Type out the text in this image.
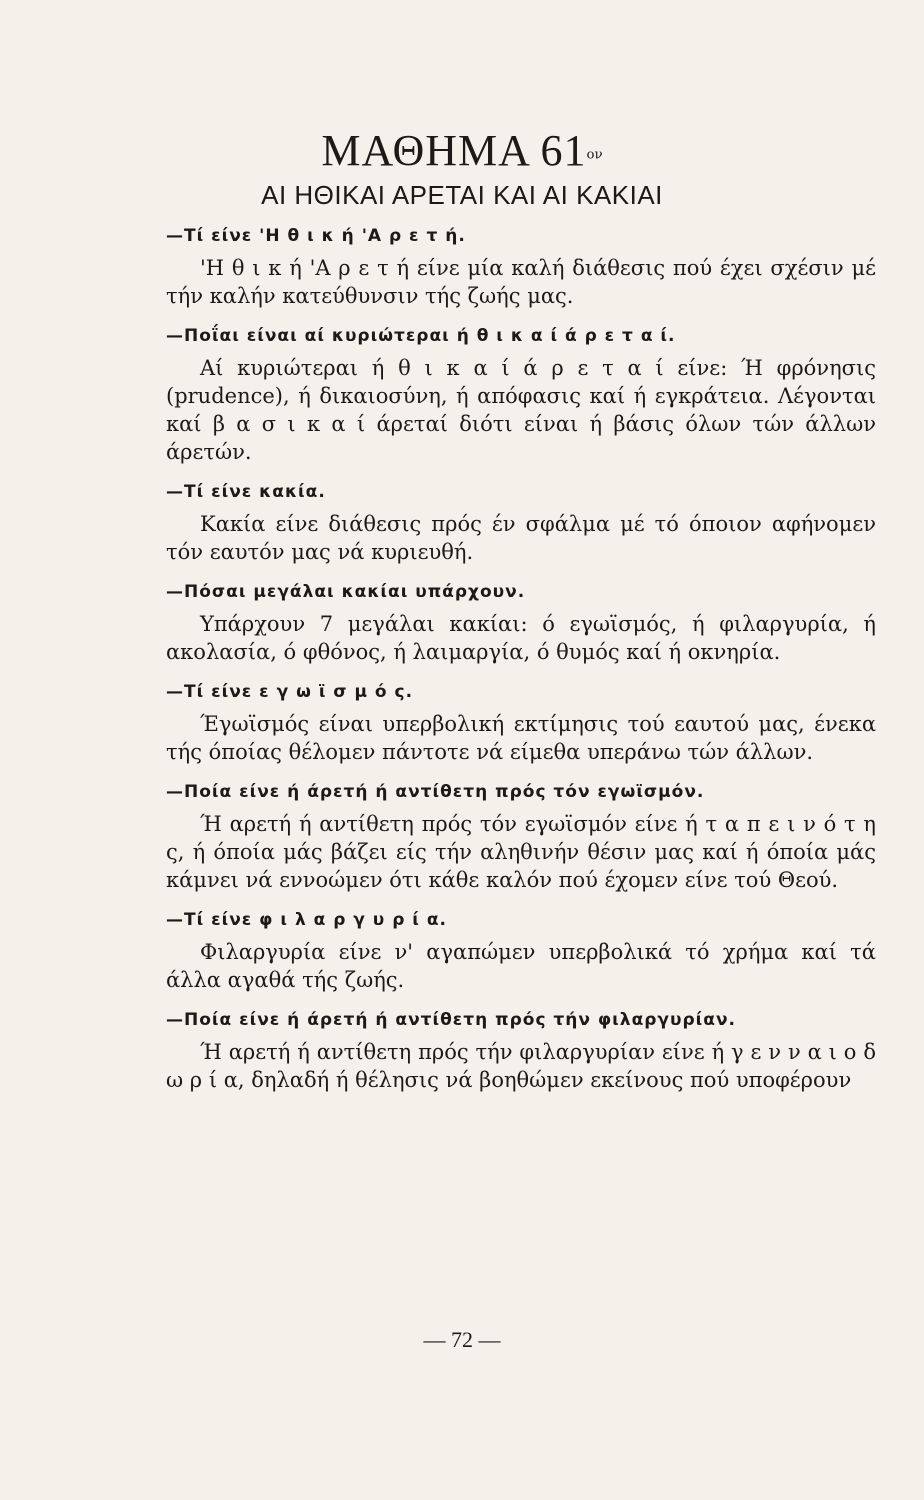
ΜΑΘΗΜΑ $61^{o\nu}$
ΑΙ ΗΘΙΚΑΙ ΑΡΕΤΑΙ ΚΑΙ ΑΙ ΚΑΚΙΑΙ
—Τί είνε 'Η θ ι κ ή 'Α ρ ε τ ή.

'Η θ ι κ ή 'Α ρ ε τ ή είνε μία καλή διάθεσις πού έχει σχέσιν μέ τήν καλήν κατεύθυνσιν τής ζωής μας.

—Ποΐαι είναι αί κυριώτεραι ή θ ι κ α ί ά ρ ε τ α ί.

Αί κυριώτεραι ή θ ι κ α ί ά ρ ε τ α ί είνε: Ή φρόνησις (prudence), ή δικαιοσύνη, ή απόφασις καί ή εγκράτεια. Λέγονται καί β α σ ι κ α ί άρεταί διότι είναι ή βάσις όλων τών άλλων άρετών.

—Τί είνε κακία.

Κακία είνε διάθεσις πρός έν σφάλμα μέ τό όποιον αφήνομεν τόν εαυτόν μας νά κυριευθή.

—Πόσαι μεγάλαι κακίαι υπάρχουν.

Υπάρχουν 7 μεγάλαι κακίαι: ό εγωϊσμός, ή φιλαργυρία, ή ακολασία, ό φθόνος, ή λαιμαργία, ό θυμός καί ή οκνηρία.

—Τί είνε ε γ ω ϊ σ μ ό ς.

Έγωϊσμός είναι υπερβολική εκτίμησις τού εαυτού μας, ένεκα τής όποίας θέλομεν πάντοτε νά είμεθα υπεράνω τών άλλων.

—Ποία είνε ή άρετή ή αντίθετη πρός τόν εγωϊσμόν.

Ή αρετή ή αντίθετη πρός τόν εγωϊσμόν είνε ή τ α π ε ι ν ό τ η ς, ή όποία μάς βάζει είς τήν αληθινήν θέσιν μας καί ή όποία μάς κάμνει νά εννοώμεν ότι κάθε καλόν πού έχομεν είνε τού Θεού.

—Τί είνε φ ι λ α ρ γ υ ρ ί α.

Φιλαργυρία είνε ν' αγαπώμεν υπερβολικά τό χρήμα καί τά άλλα αγαθά τής ζωής.

—Ποία είνε ή άρετή ή αντίθετη πρός τήν φιλαργυρίαν.

Ή αρετή ή αντίθετη πρός τήν φιλαργυρίαν είνε ή γ ε ν ν α ι ο δ ω ρ ί α, δηλαδή ή θέλησις νά βοηθώμεν εκείνους πού υποφέρουν

— 72 —
